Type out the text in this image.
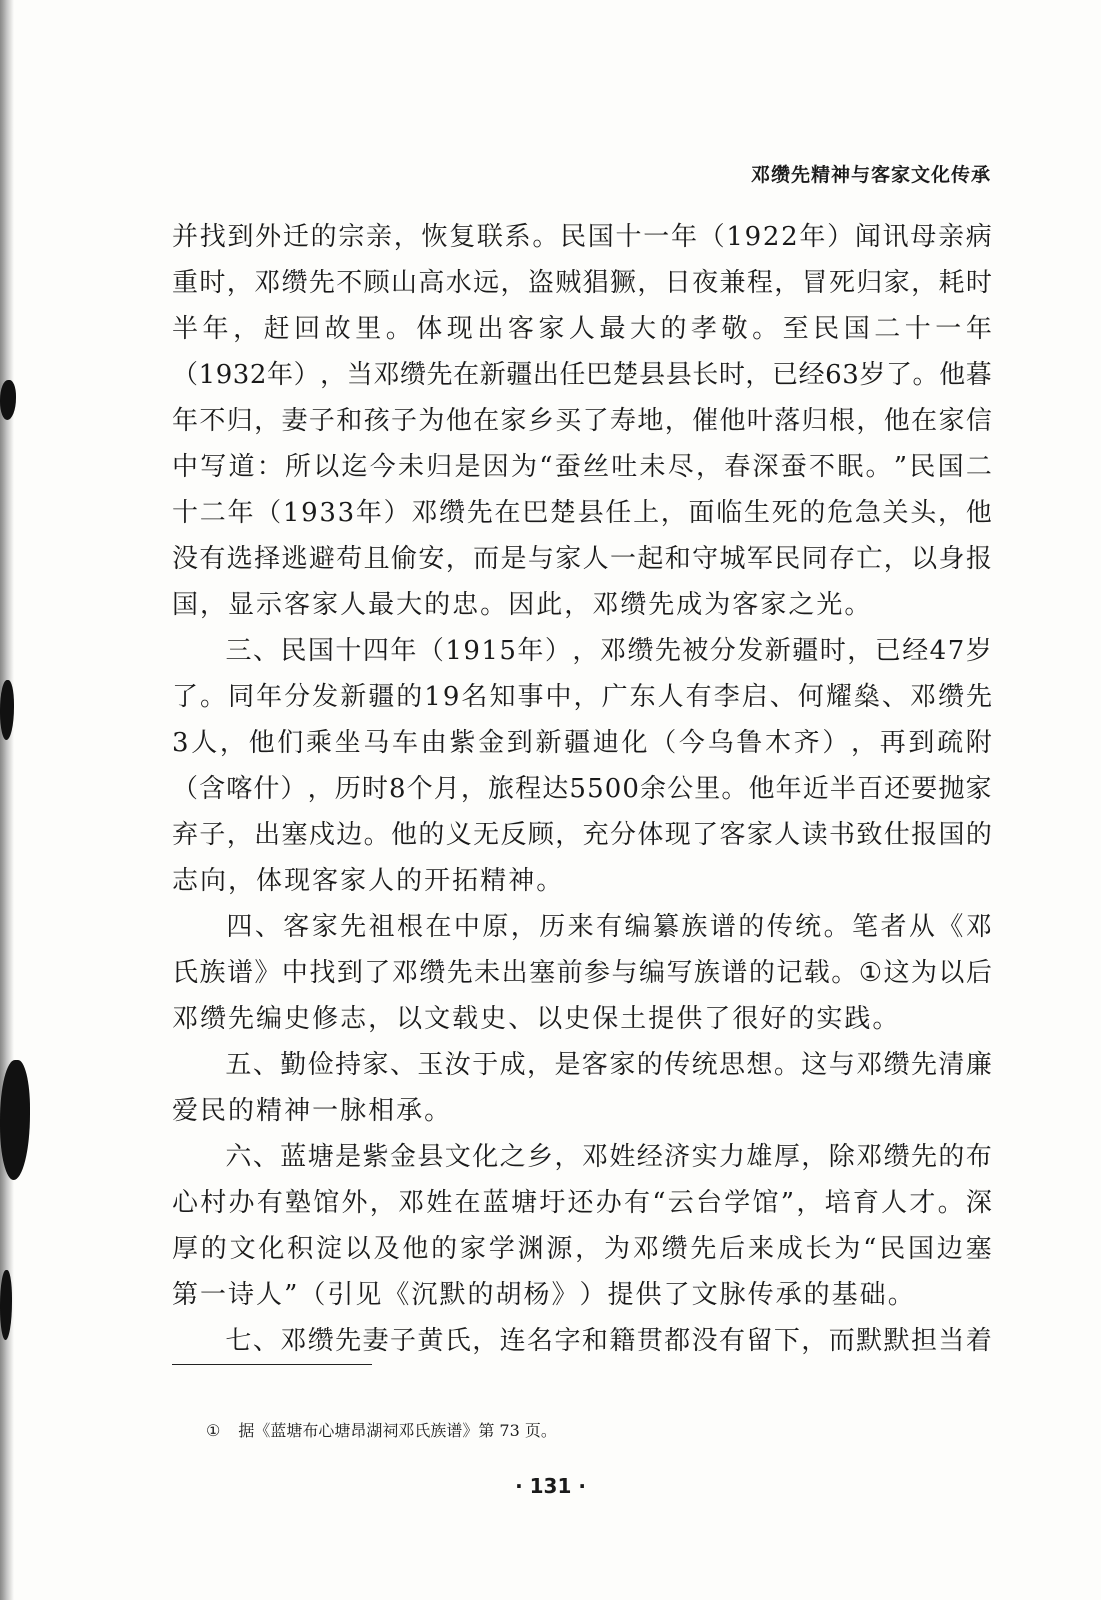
邓缵先精神与客家文化传承
并 找 到 外 迁 的 宗 亲 ， 恢 复 联 系 。 民 国 十 一 年 （ 1 9 2 2 年 ） 闻 讯 母 亲 病
重 时 ， 邓 缵 先 不 顾 山 高 水 远 ， 盗 贼 猖 獗 ， 日 夜 兼 程 ， 冒 死 归 家 ， 耗 时
半 年 ， 赶 回 故 里 。 体 现 出 客 家 人 最 大 的 孝 敬 。 至 民 国 二 十 一 年
（ 1 9 3 2 年 ） ， 当 邓 缵 先 在 新 疆 出 任 巴 楚 县 县 长 时 ， 已 经 6 3 岁 了 。 他 暮
年 不 归 ， 妻 子 和 孩 子 为 他 在 家 乡 买 了 寿 地 ， 催 他 叶 落 归 根 ， 他 在 家 信
中 写 道 ： 所 以 迄 今 未 归 是 因 为 “ 蚕 丝 吐 未 尽 ， 春 深 蚕 不 眠 。 ” 民 国 二
十 二 年 （ 1 9 3 3 年 ） 邓 缵 先 在 巴 楚 县 任 上 ， 面 临 生 死 的 危 急 关 头 ， 他
没 有 选 择 逃 避 苟 且 偷 安 ， 而 是 与 家 人 一 起 和 守 城 军 民 同 存 亡 ， 以 身 报
国 ， 显 示 客 家 人 最 大 的 忠 。 因 此 ， 邓 缵 先 成 为 客 家 之 光 。
三 、 民 国 十 四 年 （ 1 9 1 5 年 ） ， 邓 缵 先 被 分 发 新 疆 时 ， 已 经 4 7 岁
了 。 同 年 分 发 新 疆 的 1 9 名 知 事 中 ， 广 东 人 有 李 启 、 何 耀 燊 、 邓 缵 先
3 人 ， 他 们 乘 坐 马 车 由 紫 金 到 新 疆 迪 化 （ 今 乌 鲁 木 齐 ） ， 再 到 疏 附
（ 含 喀 什 ） ， 历 时 8 个 月 ， 旅 程 达 5 5 0 0 余 公 里 。 他 年 近 半 百 还 要 抛 家
弃 子 ， 出 塞 戍 边 。 他 的 义 无 反 顾 ， 充 分 体 现 了 客 家 人 读 书 致 仕 报 国 的
志 向 ， 体 现 客 家 人 的 开 拓 精 神 。
四 、 客 家 先 祖 根 在 中 原 ， 历 来 有 编 纂 族 谱 的 传 统 。 笔 者 从 《 邓
氏 族 谱 》 中 找 到 了 邓 缵 先 未 出 塞 前 参 与 编 写 族 谱 的 记 载 。 ① 这 为 以 后
邓 缵 先 编 史 修 志 ， 以 文 载 史 、 以 史 保 土 提 供 了 很 好 的 实 践 。
五 、 勤 俭 持 家 、 玉 汝 于 成 ， 是 客 家 的 传 统 思 想 。 这 与 邓 缵 先 清 廉
爱 民 的 精 神 一 脉 相 承 。
六 、 蓝 塘 是 紫 金 县 文 化 之 乡 ， 邓 姓 经 济 实 力 雄 厚 ， 除 邓 缵 先 的 布
心 村 办 有 塾 馆 外 ， 邓 姓 在 蓝 塘 圩 还 办 有 “ 云 台 学 馆 ” ， 培 育 人 才 。 深
厚 的 文 化 积 淀 以 及 他 的 家 学 渊 源 ， 为 邓 缵 先 后 来 成 长 为 “ 民 国 边 塞
第 一 诗 人 ” （ 引 见 《 沉 默 的 胡 杨 》 ） 提 供 了 文 脉 传 承 的 基 础 。
七 、 邓 缵 先 妻 子 黄 氏 ， 连 名 字 和 籍 贯 都 没 有 留 下 ， 而 默 默 担 当 着
① 据《蓝塘布心塘昂湖祠邓氏族谱》第 73 页。
· 131 ·
